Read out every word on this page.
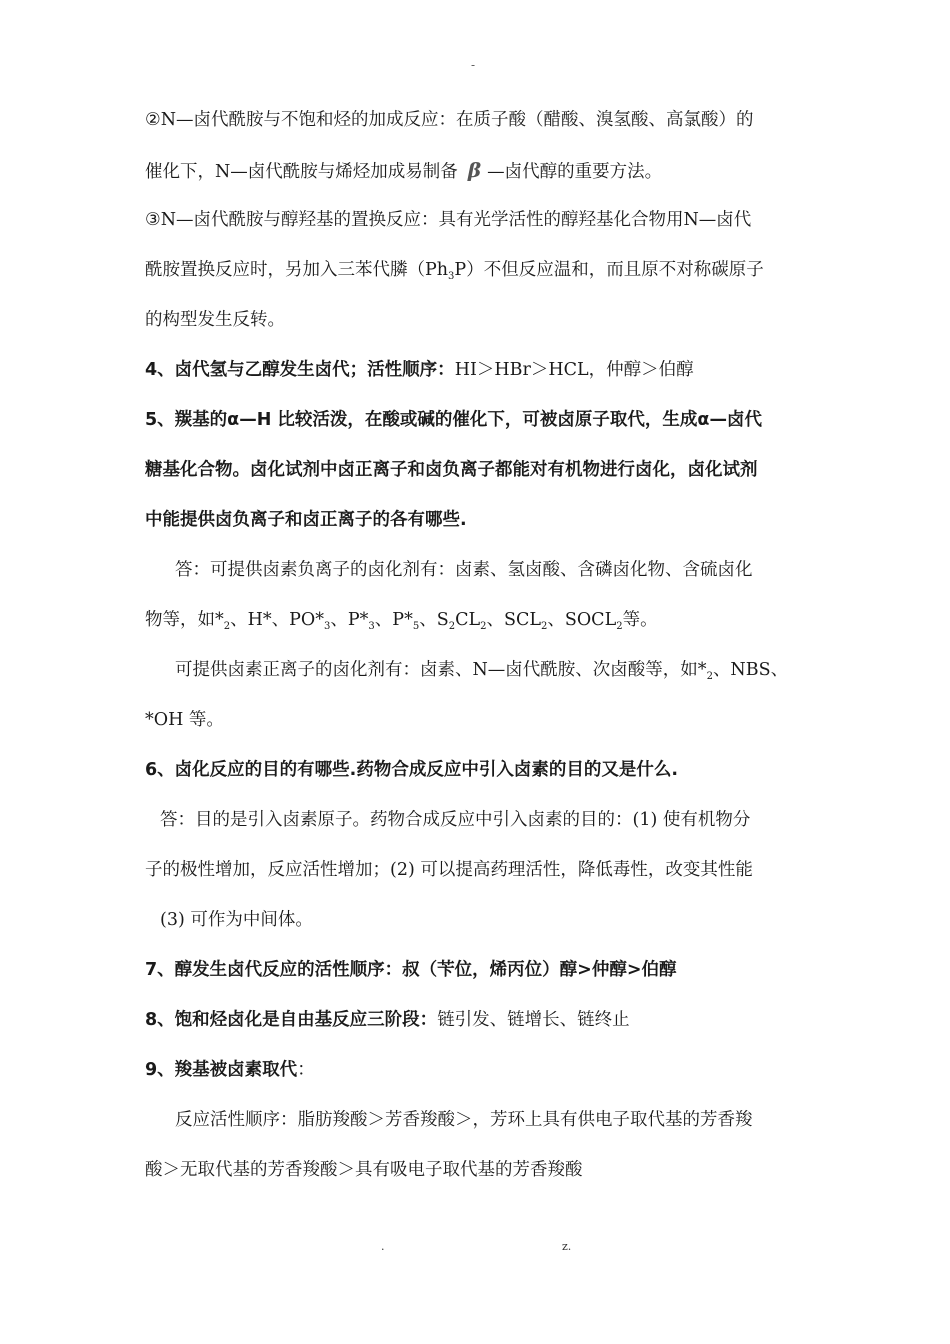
-
②N—卤代酰胺与不饱和烃的加成反应：在质子酸（醋酸、溴氢酸、高氯酸）的
催化下，N—卤代酰胺与烯烃加成易制备 β —卤代醇的重要方法。
③N—卤代酰胺与醇羟基的置换反应：具有光学活性的醇羟基化合物用N—卤代
酰胺置换反应时，另加入三苯代膦$(Ph_3P)$不但反应温和，而且原不对称碳原子
的构型发生反转。
4、卤代氢与乙醇发生卤代；活性顺序：HI＞HBr＞HCL，仲醇＞伯醇
5、羰基的α—H 比较活泼，在酸或碱的催化下，可被卤原子取代，生成α—卤代
糖基化合物。卤化试剂中卤正离子和卤负离子都能对有机物进行卤化，卤化试剂
中能提供卤负离子和卤正离子的各有哪些.
答：可提供卤素负离子的卤化剂有：卤素、氢卤酸、含磷卤化物、含硫卤化
物等，如$*_2$、H*、$PO*_3$、$P*_3$、$P*_5$、$S_2CL_2$、$SCL_2$、$SOCL_2$等。
可提供卤素正离子的卤化剂有：卤素、N—卤代酰胺、次卤酸等，如$*_2$、NBS、
*OH 等。
6、卤化反应的目的有哪些.药物合成反应中引入卤素的目的又是什么.
答：目的是引入卤素原子。药物合成反应中引入卤素的目的：(1) 使有机物分
子的极性增加，反应活性增加；(2) 可以提高药理活性，降低毒性，改变其性能
(3) 可作为中间体。
7、醇发生卤代反应的活性顺序：叔（苄位，烯丙位）醇>仲醇>伯醇
8、饱和烃卤化是自由基反应三阶段：链引发、链增长、链终止
9、羧基被卤素取代：
反应活性顺序：脂肪羧酸＞芳香羧酸＞，芳环上具有供电子取代基的芳香羧
酸＞无取代基的芳香羧酸＞具有吸电子取代基的芳香羧酸
.	z.
